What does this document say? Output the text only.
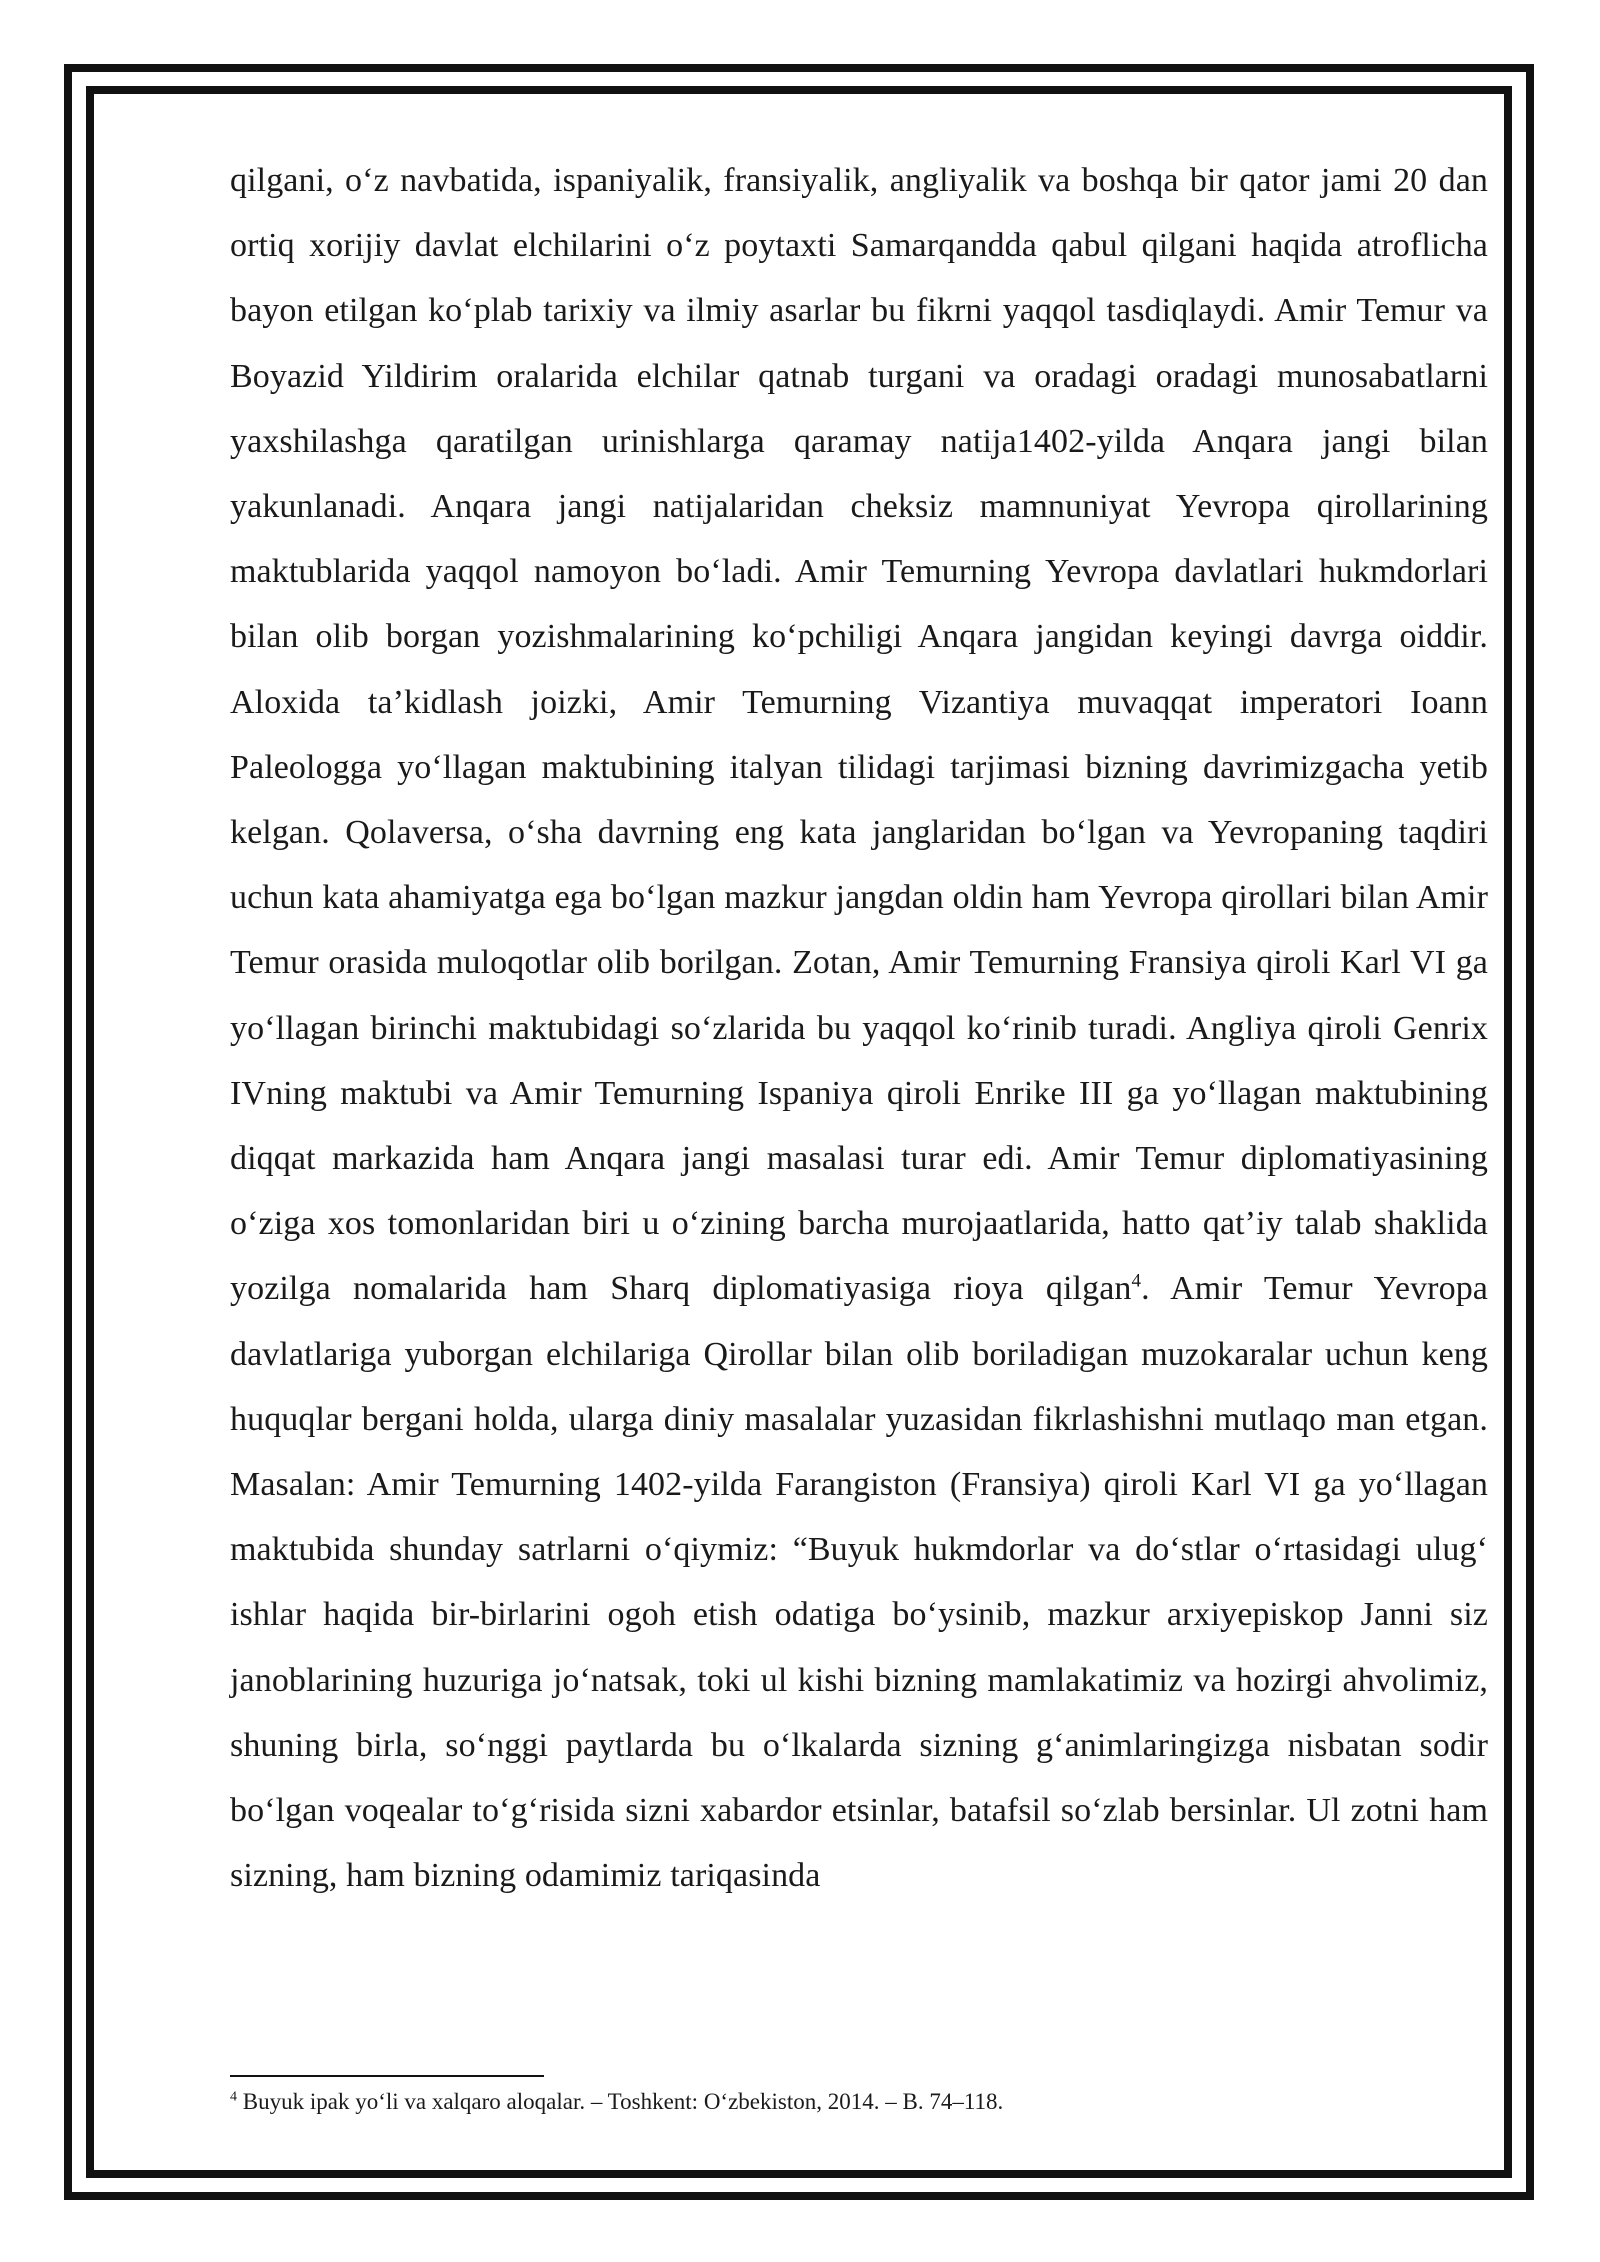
qilgani, o‘z navbatida, ispaniyalik, fransiyalik, angliyalik va boshqa bir qator jami 20 dan ortiq xorijiy davlat elchilarini o‘z poytaxti Samarqandda qabul qilgani haqida atroflicha bayon etilgan ko‘plab tarixiy va ilmiy asarlar bu fikrni yaqqol tasdiqlaydi. Amir Temur va Boyazid Yildirim oralarida elchilar qatnab turgani va oradagi oradagi munosabatlarni yaxshilashga qaratilgan urinishlarga qaramay natija1402-yilda Anqara jangi bilan yakunlanadi. Anqara jangi natijalaridan cheksiz mamnuniyat Yevropa qirollarining maktublarida yaqqol namoyon bo‘ladi. Amir Temurning Yevropa davlatlari hukmdorlari bilan olib borgan yozishmalarining ko‘pchiligi Anqara jangidan keyingi davrga oiddir. Aloxida ta’kidlash joizki, Amir Temurning Vizantiya muvaqqat imperatori Ioann Paleologga yo‘llagan maktubining italyan tilidagi tarjimasi bizning davrimizgacha yetib kelgan. Qolaversa, o‘sha davrning eng kata janglaridan bo‘lgan va Yevropaning taqdiri uchun kata ahamiyatga ega bo‘lgan mazkur jangdan oldin ham Yevropa qirollari bilan Amir Temur orasida muloqotlar olib borilgan. Zotan, Amir Temurning Fransiya qiroli Karl VI ga yo‘llagan birinchi maktubidagi so‘zlarida bu yaqqol ko‘rinib turadi. Angliya qiroli Genrix IVning maktubi va Amir Temurning Ispaniya qiroli Enrike III ga yo‘llagan maktubining diqqat markazida ham Anqara jangi masalasi turar edi. Amir Temur diplomatiyasining o‘ziga xos tomonlaridan biri u o‘zining barcha murojaatlarida, hatto qat’iy talab shaklida yozilga nomalarida ham Sharq diplomatiyasiga rioya qilgan$^4$. Amir Temur Yevropa davlatlariga yuborgan elchilariga Qirollar bilan olib boriladigan muzokaralar uchun keng huquqlar bergani holda, ularga diniy masalalar yuzasidan fikrlashishni mutlaqo man etgan. Masalan: Amir Temurning 1402-yilda Farangiston (Fransiya) qiroli Karl VI ga yo‘llagan maktubida shunday satrlarni o‘qiymiz: “Buyuk hukmdorlar va do‘stlar o‘rtasidagi ulug‘ ishlar haqida bir-birlarini ogoh etish odatiga bo‘ysinib, mazkur arxiyepiskop Janni siz janoblarining huzuriga jo‘natsak, toki ul kishi bizning mamlakatimiz va hozirgi ahvolimiz, shuning birla, so‘nggi paytlarda bu o‘lkalarda sizning g‘animlaringizga nisbatan sodir bo‘lgan voqealar to‘g‘risida sizni xabardor etsinlar, batafsil so‘zlab bersinlar. Ul zotni ham sizning, ham bizning odamimiz tariqasinda

$^4$ Buyuk ipak yo‘li va xalqaro aloqalar. – Toshkent: O‘zbekiston, 2014. – B. 74–118.
